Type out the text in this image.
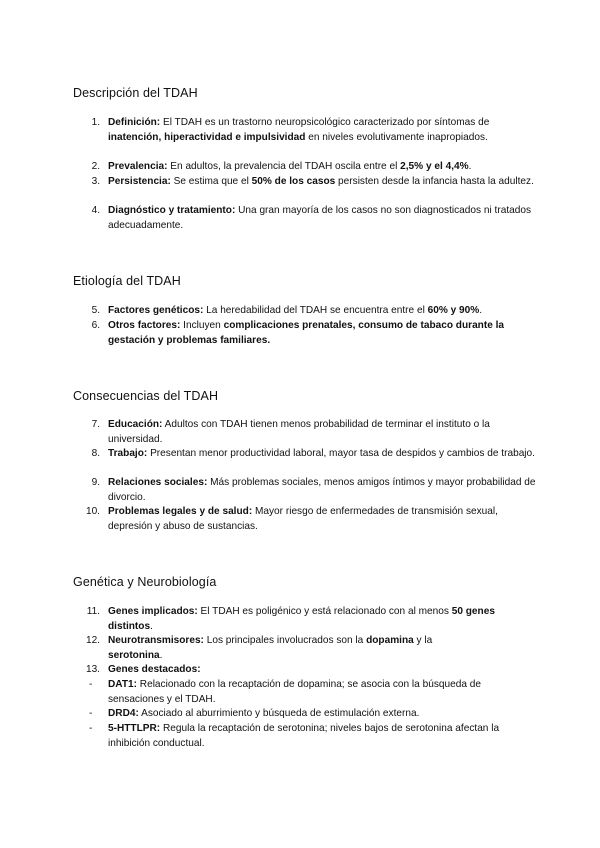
Descripción del TDAH
1. Definición: El TDAH es un trastorno neuropsicológico caracterizado por síntomas de inatención, hiperactividad e impulsividad en niveles evolutivamente inapropiados.
2. Prevalencia: En adultos, la prevalencia del TDAH oscila entre el 2,5% y el 4,4%.
3. Persistencia: Se estima que el 50% de los casos persisten desde la infancia hasta la adultez.
4. Diagnóstico y tratamiento: Una gran mayoría de los casos no son diagnosticados ni tratados adecuadamente.
Etiología del TDAH
5. Factores genéticos: La heredabilidad del TDAH se encuentra entre el 60% y 90%.
6. Otros factores: Incluyen complicaciones prenatales, consumo de tabaco durante la gestación y problemas familiares.
Consecuencias del TDAH
7. Educación: Adultos con TDAH tienen menos probabilidad de terminar el instituto o la universidad.
8. Trabajo: Presentan menor productividad laboral, mayor tasa de despidos y cambios de trabajo.
9. Relaciones sociales: Más problemas sociales, menos amigos íntimos y mayor probabilidad de divorcio.
10. Problemas legales y de salud: Mayor riesgo de enfermedades de transmisión sexual, depresión y abuso de sustancias.
Genética y Neurobiología
11. Genes implicados: El TDAH es poligénico y está relacionado con al menos 50 genes distintos.
12. Neurotransmisores: Los principales involucrados son la dopamina y la serotonina.
13. Genes destacados:
- DAT1: Relacionado con la recaptación de dopamina; se asocia con la búsqueda de sensaciones y el TDAH.
- DRD4: Asociado al aburrimiento y búsqueda de estimulación externa.
- 5-HTTLPR: Regula la recaptación de serotonina; niveles bajos de serotonina afectan la inhibición conductual.
